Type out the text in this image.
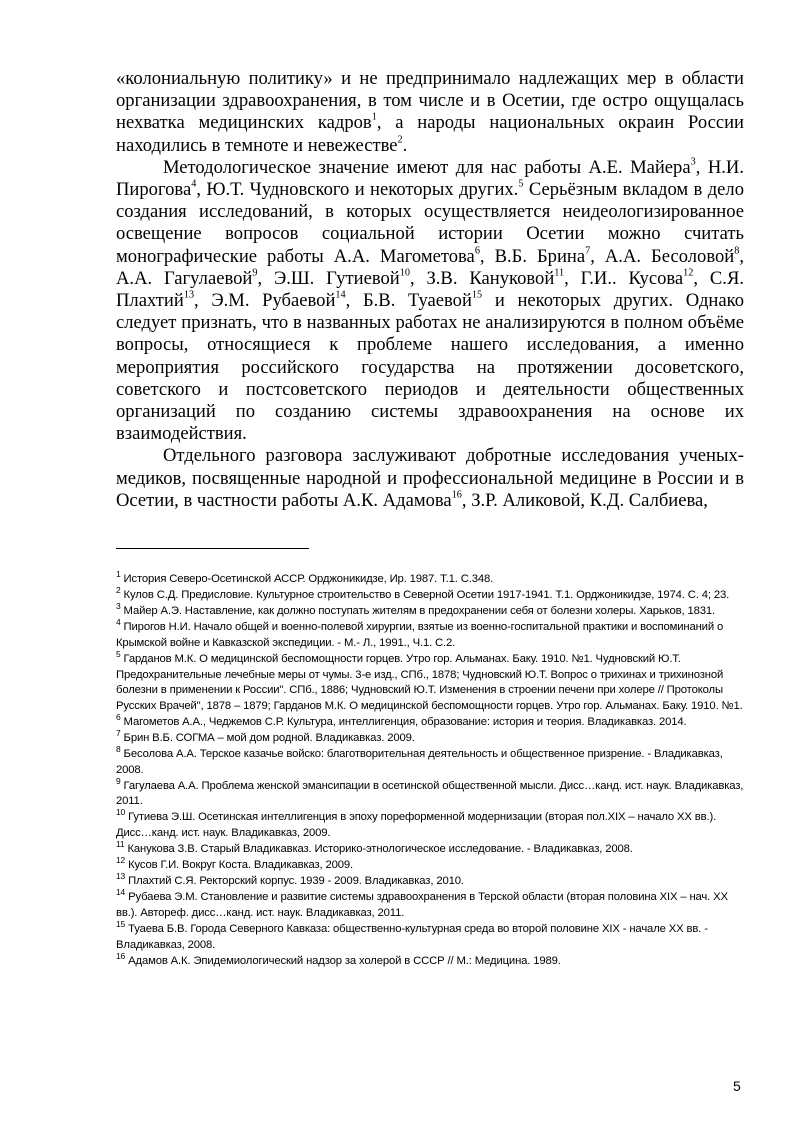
«колониальную политику» и не предпринимало надлежащих мер в области организации здравоохранения, в том числе и в Осетии, где остро ощущалась нехватка медицинских кадров$^1$, а народы национальных окраин России находились в темноте и невежестве$^2$.

Методологическое значение имеют для нас работы А.Е. Майера$^3$, Н.И. Пирогова$^4$, Ю.Т. Чудновского и некоторых других.$^5$ Серьёзным вкладом в дело создания исследований, в которых осуществляется неидеологизированное освещение вопросов социальной истории Осетии можно считать монографические работы А.А. Магометова$^6$, В.Б. Брина$^7$, А.А. Бесоловой$^8$, А.А. Гагулаевой$^9$, Э.Ш. Гутиевой$^{10}$, З.В. Кануковой$^{11}$, Г.И.. Кусова$^{12}$, С.Я. Плахтий$^{13}$, Э.М. Рубаевой$^{14}$, Б.В. Туаевой$^{15}$ и некоторых других. Однако следует признать, что в названных работах не анализируются в полном объёме вопросы, относящиеся к проблеме нашего исследования, а именно мероприятия российского государства на протяжении досоветского, советского и постсоветского периодов и деятельности общественных организаций по созданию системы здравоохранения на основе их взаимодействия.

Отдельного разговора заслуживают добротные исследования ученых-медиков, посвященные народной и профессиональной медицине в России и в Осетии, в частности работы А.К. Адамова$^{16}$, З.Р. Аликовой, К.Д. Салбиева,

$^1$ История Северо-Осетинской АССР. Орджоникидзе, Ир. 1987. Т.1. С.348.

$^2$ Кулов С.Д. Предисловие. Культурное строительство в Северной Осетии 1917-1941. Т.1. Орджоникидзе, 1974. С. 4; 23.

$^3$ Майер А.Э. Наставление, как должно поступать жителям в предохранении себя от болезни холеры. Харьков, 1831.

$^4$ Пирогов Н.И. Начало общей и военно-полевой хирургии, взятые из военно-госпитальной практики и воспоминаний о Крымской войне и Кавказской экспедиции. - М.- Л., 1991., Ч.1. С.2.

$^5$ Гарданов М.К. О медицинской беспомощности горцев. Утро гор. Альманах. Баку. 1910. №1. Чудновский Ю.Т. Предохранительные лечебные меры от чумы. 3-е изд., СПб., 1878; Чудновский Ю.Т. Вопрос о трихинах и трихинозной болезни в применении к России". СПб., 1886; Чудновский Ю.Т. Изменения в строении печени при холере // Протоколы Русских Врачей", 1878 – 1879; Гарданов М.К. О медицинской беспомощности горцев. Утро гор. Альманах. Баку. 1910. №1.

$^6$ Магометов А.А., Чеджемов С.Р. Культура, интеллигенция, образование: история и теория. Владикавказ. 2014.

$^7$ Брин В.Б. СОГМА – мой дом родной. Владикавказ. 2009.

$^8$ Бесолова А.А. Терское казачье войско: благотворительная деятельность и общественное призрение. - Владикавказ, 2008.

$^9$ Гагулаева А.А. Проблема женской эмансипации в осетинской общественной мысли. Дисс…канд. ист. наук. Владикавказ, 2011.

$^{10}$ Гутиева Э.Ш. Осетинская интеллигенция в эпоху пореформенной модернизации (вторая пол.XIX – начало XX вв.). Дисс…канд. ист. наук. Владикавказ, 2009.

$^{11}$ Канукова З.В. Старый Владикавказ. Историко-этнологическое исследование. - Владикавказ, 2008.

$^{12}$ Кусов Г.И. Вокруг Коста. Владикавказ, 2009.

$^{13}$ Плахтий С.Я. Ректорский корпус. 1939 - 2009. Владикавказ, 2010.

$^{14}$ Рубаева Э.М. Становление и развитие системы здравоохранения в Терской области (вторая половина XIX – нач. XX вв.). Автореф. дисс…канд. ист. наук. Владикавказ, 2011.

$^{15}$ Туаева Б.В. Города Северного Кавказа: общественно-культурная среда во второй половине XIX - начале XX вв. - Владикавказ, 2008.

$^{16}$ Адамов А.К. Эпидемиологический надзор за холерой в СССР // М.: Медицина. 1989.

5
